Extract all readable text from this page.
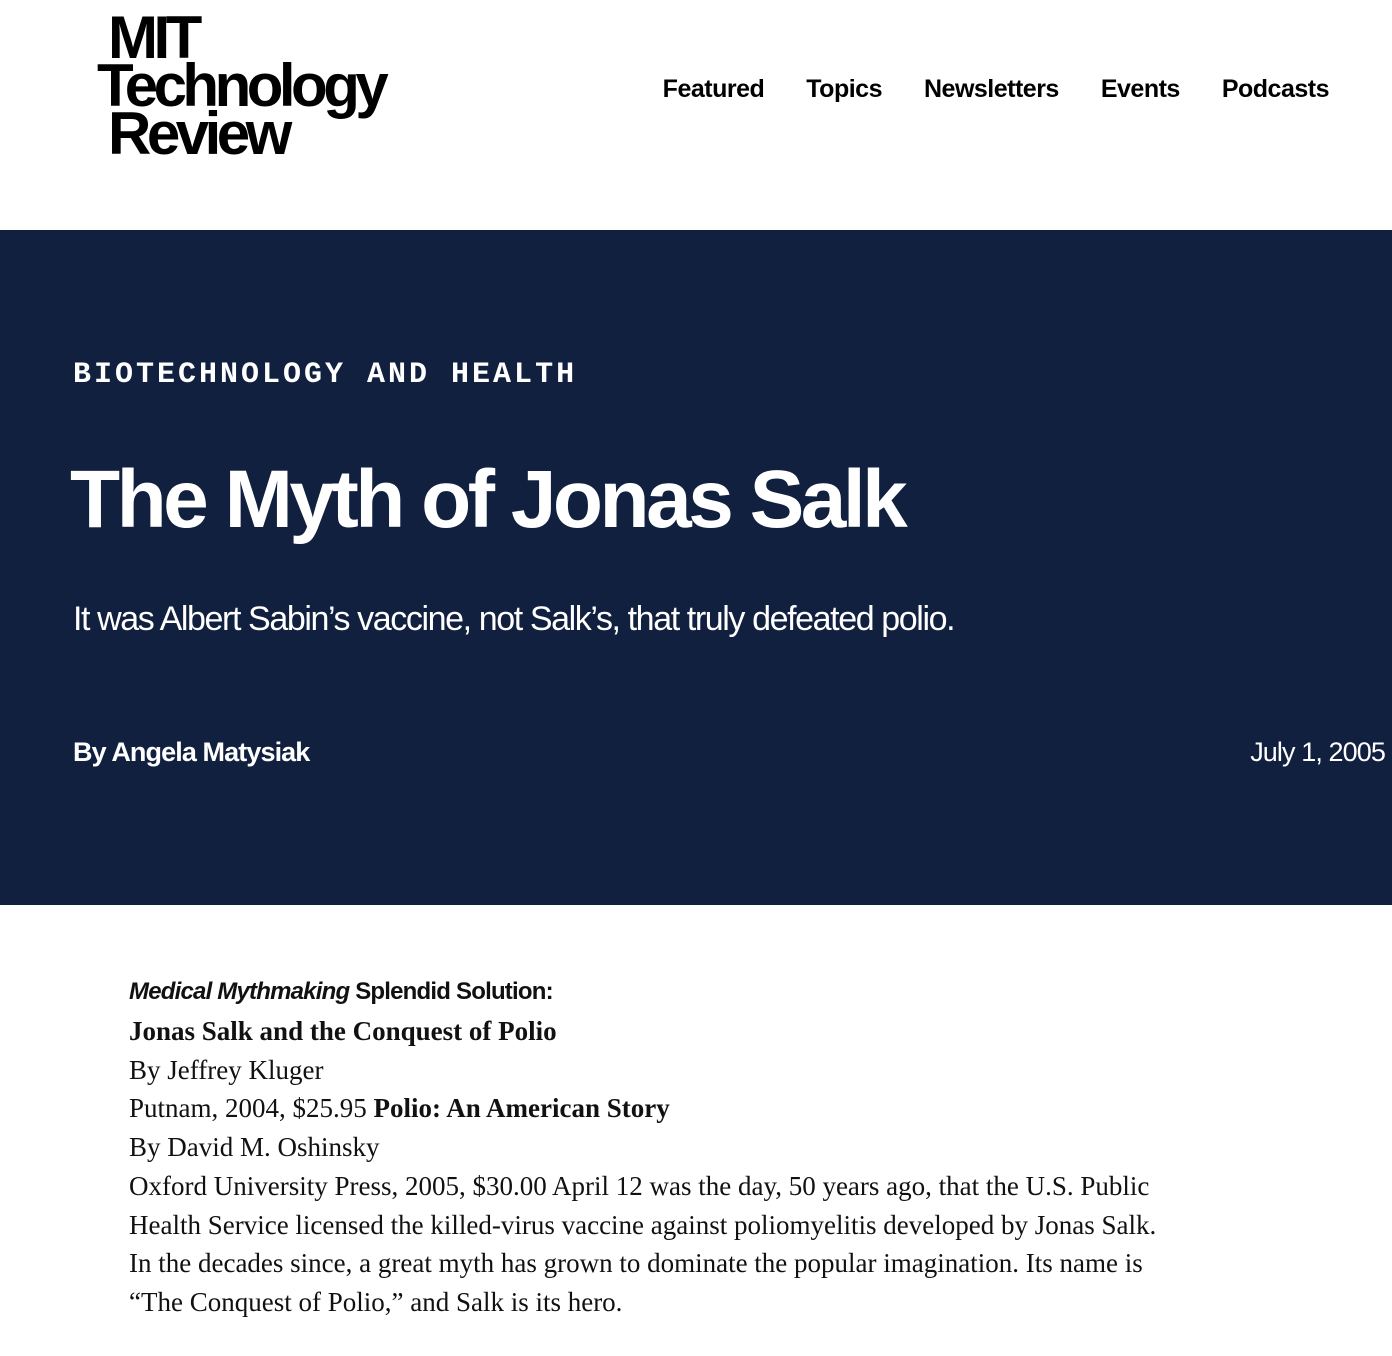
MIT
Technology
Review
Featured Topics Newsletters Events Podcasts
BIOTECHNOLOGY AND HEALTH
The Myth of Jonas Salk

It was Albert Sabin’s vaccine, not Salk’s, that truly defeated polio.

By Angela Matysiak	July 1, 2005
Medical Mythmaking Splendid Solution:
Jonas Salk and the Conquest of Polio
By Jeffrey Kluger
Putnam, 2004, $25.95 Polio: An American Story
By David M. Oshinsky
Oxford University Press, 2005, $30.00 April 12 was the day, 50 years ago, that the U.S. Public Health Service licensed the killed-virus vaccine against poliomyelitis developed by Jonas Salk. In the decades since, a great myth has grown to dominate the popular imagination. Its name is “The Conquest of Polio,” and Salk is its hero.
